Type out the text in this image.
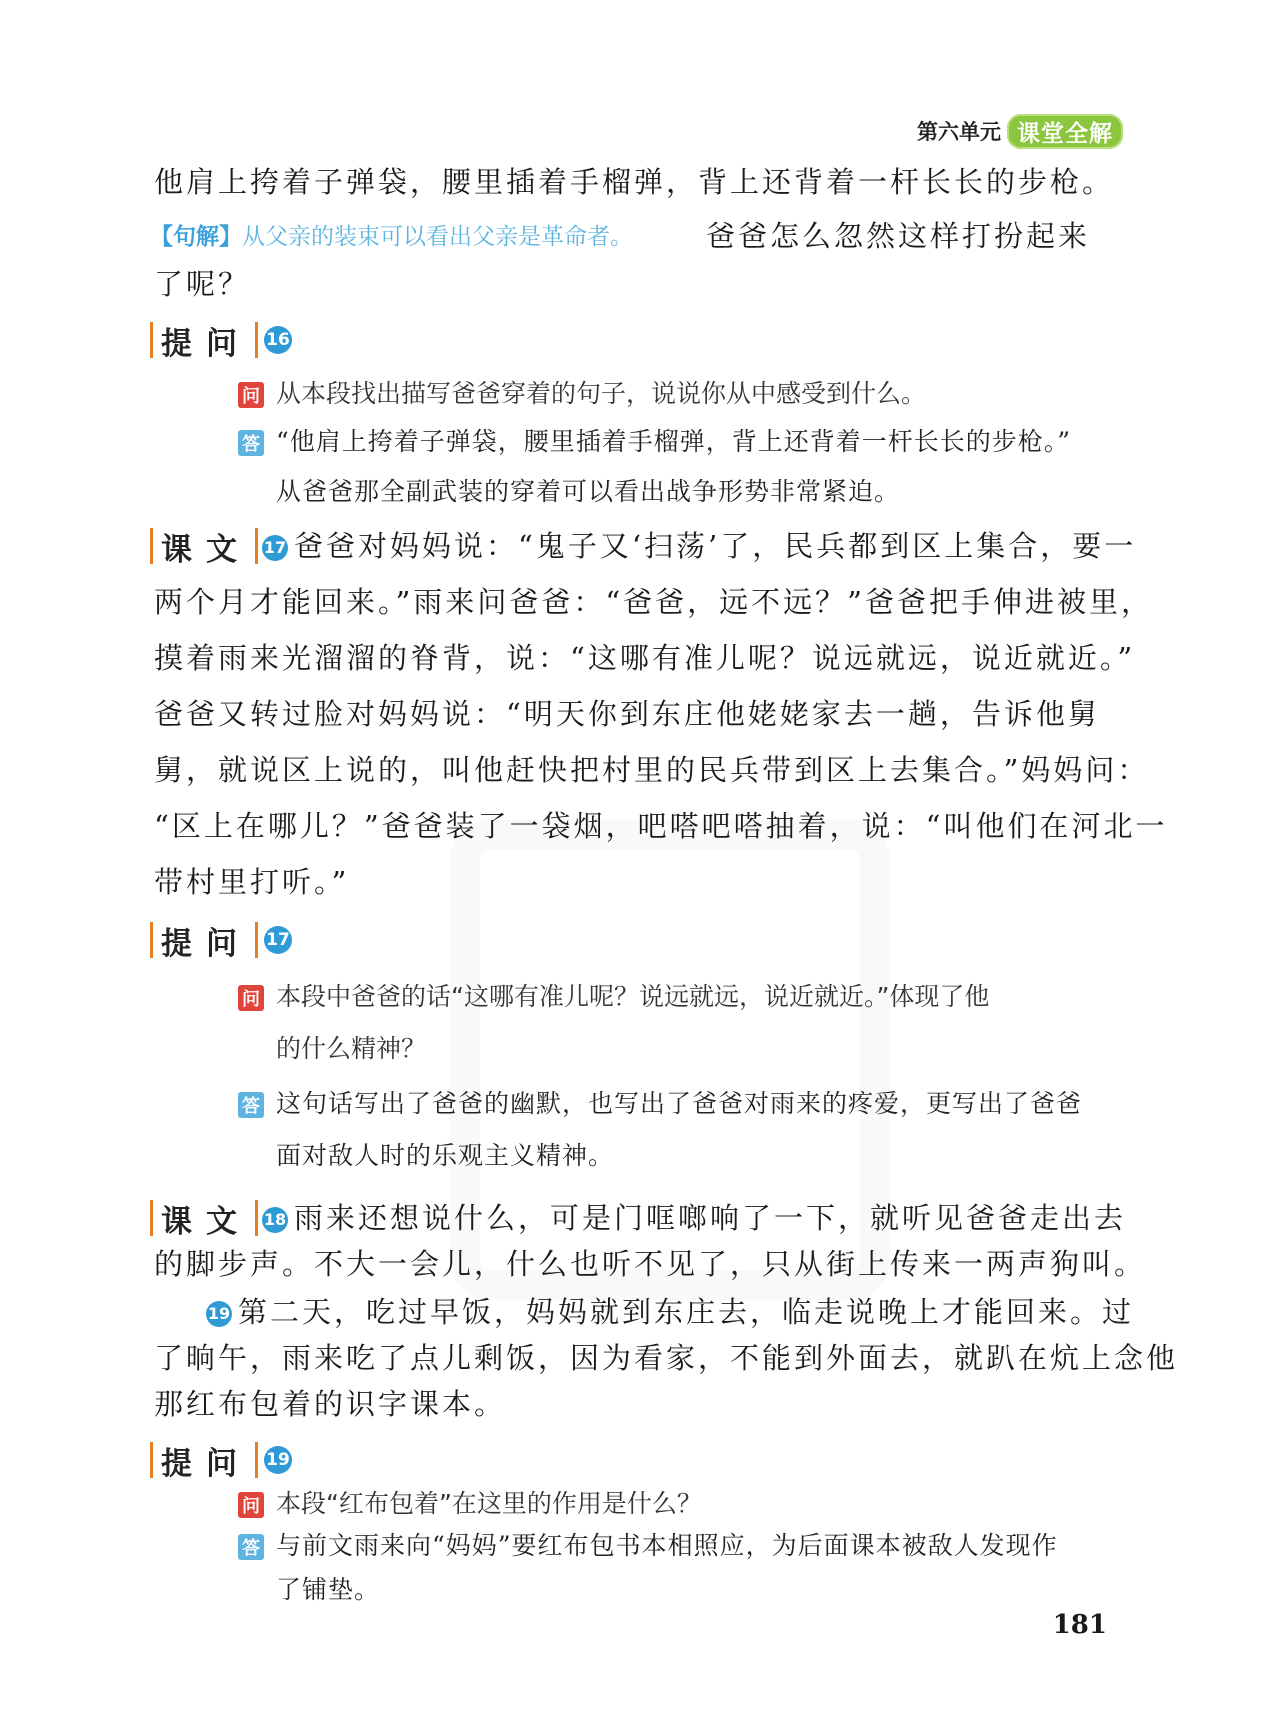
第六单元 课堂全解
他肩上挎着子弹袋，腰里插着手榴弹，背上还背着一杆长长的步枪。
【句解】从父亲的装束可以看出父亲是革命者。	爸爸怎么忽然这样打扮起来
了呢？
提问 16
问 从本段找出描写爸爸穿着的句子，说说你从中感受到什么。
答 “他肩上挎着子弹袋，腰里插着手榴弹，背上还背着一杆长长的步枪。”
从爸爸那全副武装的穿着可以看出战争形势非常紧迫。
课文 17 爸爸对妈妈说：“鬼子又‘扫荡’了，民兵都到区上集合，要一
两个月才能回来。”雨来问爸爸：“爸爸，远不远？”爸爸把手伸进被里，
摸着雨来光溜溜的脊背，说：“这哪有准儿呢？说远就远，说近就近。”
爸爸又转过脸对妈妈说：“明天你到东庄他姥姥家去一趟，告诉他舅
舅，就说区上说的，叫他赶快把村里的民兵带到区上去集合。”妈妈问：
“区上在哪儿？”爸爸装了一袋烟，吧嗒吧嗒抽着，说：“叫他们在河北一
带村里打听。”
提问 17
问 本段中爸爸的话“这哪有准儿呢？说远就远，说近就近。”体现了他
的什么精神？
答 这句话写出了爸爸的幽默，也写出了爸爸对雨来的疼爱，更写出了爸爸
面对敌人时的乐观主义精神。
课文 18 雨来还想说什么，可是门哐啷响了一下，就听见爸爸走出去
的脚步声。不大一会儿，什么也听不见了，只从街上传来一两声狗叫。
19 第二天，吃过早饭，妈妈就到东庄去，临走说晚上才能回来。过
了晌午，雨来吃了点儿剩饭，因为看家，不能到外面去，就趴在炕上念他
那红布包着的识字课本。
提问 19
问 本段“红布包着”在这里的作用是什么？
答 与前文雨来向“妈妈”要红布包书本相照应，为后面课本被敌人发现作
了铺垫。
181
